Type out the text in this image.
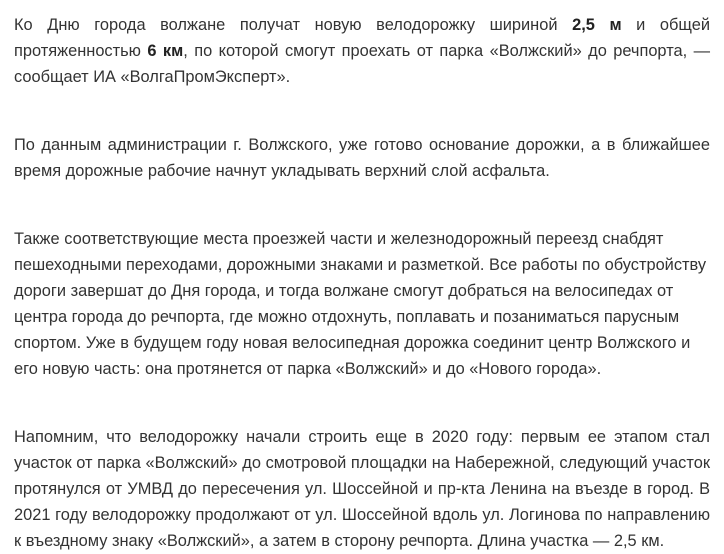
Ко Дню города волжане получат новую велодорожку шириной 2,5 м и общей протяженностью 6 км, по которой смогут проехать от парка «Волжский» до речпорта, — сообщает ИА «ВолгаПромЭксперт».

По данным администрации г. Волжского, уже готово основание дорожки, а в ближайшее время дорожные рабочие начнут укладывать верхний слой асфальта.

Также соответствующие места проезжей части и железнодорожный переезд снабдят пешеходными переходами, дорожными знаками и разметкой. Все работы по обустройству дороги завершат до Дня города, и тогда волжане смогут добраться на велосипедах от центра города до речпорта, где можно отдохнуть, поплавать и позаниматься парусным спортом. Уже в будущем году новая велосипедная дорожка соединит центр Волжского и его новую часть: она протянется от парка «Волжский» и до «Нового города».

Напомним, что велодорожку начали строить еще в 2020 году: первым ее этапом стал участок от парка «Волжский» до смотровой площадки на Набережной, следующий участок протянулся от УМВД до пересечения ул. Шоссейной и пр-кта Ленина на въезде в город. В 2021 году велодорожку продолжают от ул. Шоссейной вдоль ул. Логинова по направлению к въездному знаку «Волжский», а затем в сторону речпорта. Длина участка — 2,5 км.
